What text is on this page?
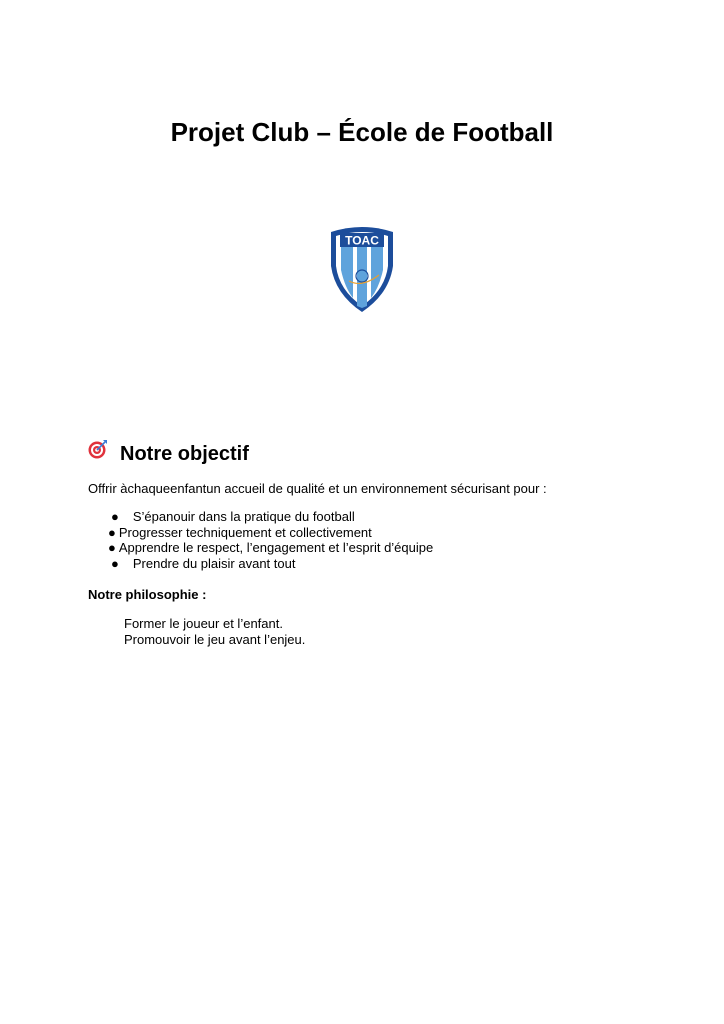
Projet Club – École de Football
TOAC
Notre objectif
Offrir àchaqueenfantun accueil de qualité et un environnement sécurisant pour :
● S’épanouir dans la pratique du football
● Progresser techniquement et collectivement
● Apprendre le respect, l’engagement et l’esprit d’équipe
● Prendre du plaisir avant tout
Notre philosophie :
Former le joueur et l’enfant.
Promouvoir le jeu avant l’enjeu.
